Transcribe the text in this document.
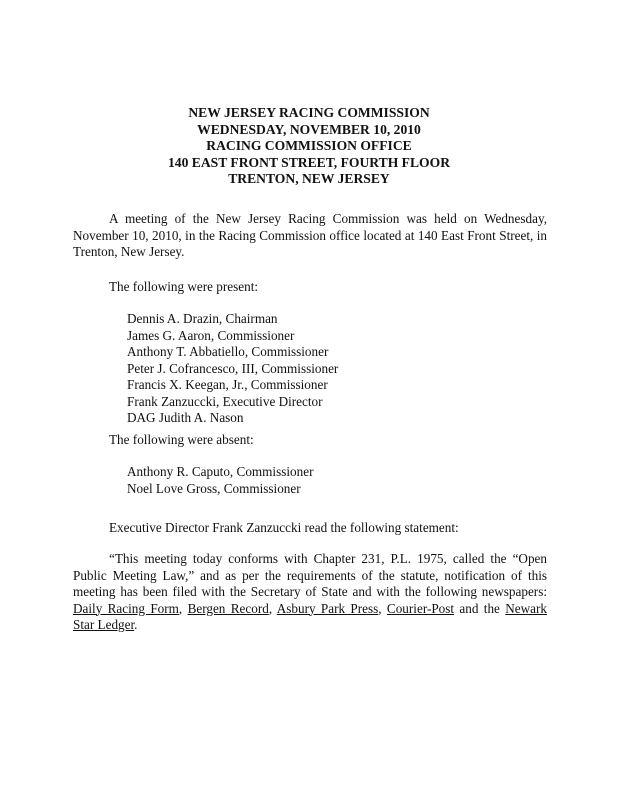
NEW JERSEY RACING COMMISSION
WEDNESDAY, NOVEMBER 10, 2010
RACING COMMISSION OFFICE
140 EAST FRONT STREET, FOURTH FLOOR
TRENTON, NEW JERSEY

A meeting of the New Jersey Racing Commission was held on Wednesday, November 10, 2010, in the Racing Commission office located at 140 East Front Street, in Trenton, New Jersey.

The following were present:

Dennis A. Drazin, Chairman
James G. Aaron, Commissioner
Anthony T. Abbatiello, Commissioner
Peter J. Cofrancesco, III, Commissioner
Francis X. Keegan, Jr., Commissioner
Frank Zanzuccki, Executive Director
DAG Judith A. Nason

The following were absent:

Anthony R. Caputo, Commissioner
Noel Love Gross, Commissioner

Executive Director Frank Zanzuccki read the following statement:

“This meeting today conforms with Chapter 231, P.L. 1975, called the “Open Public Meeting Law,” and as per the requirements of the statute, notification of this meeting has been filed with the Secretary of State and with the following newspapers: Daily Racing Form, Bergen Record, Asbury Park Press, Courier-Post and the Newark Star Ledger.
